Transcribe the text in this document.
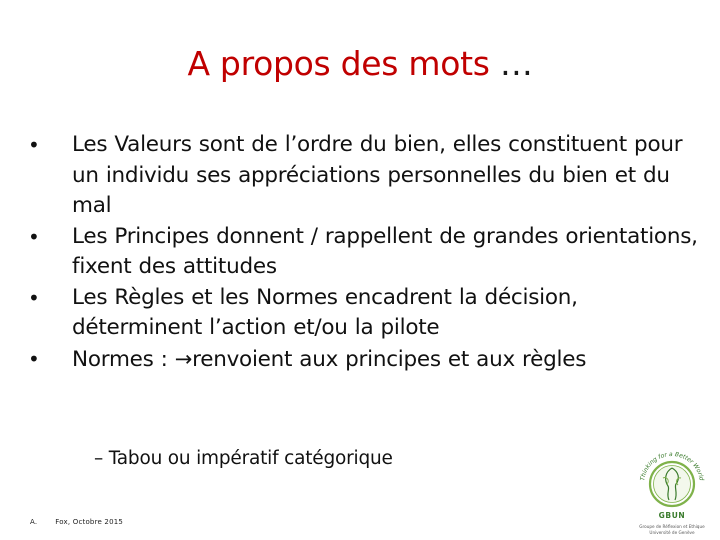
A propos des mots …
•	Les Valeurs sont de l’ordre du bien, elles constituent pour un individu ses appréciations personnelles du bien et du mal
•	Les Principes donnent / rappellent de grandes orientations, fixent des attitudes
•	Les Règles et les Normes encadrent la décision, déterminent l’action et/ou la pilote
•	Normes : →renvoient aux principes et aux règles
– Tabou ou impératif catégorique
A.	Fox, Octobre 2015
Thinking for a Better World
GBUN
Groupe de Réflexion et Ethique
Université de Genève
